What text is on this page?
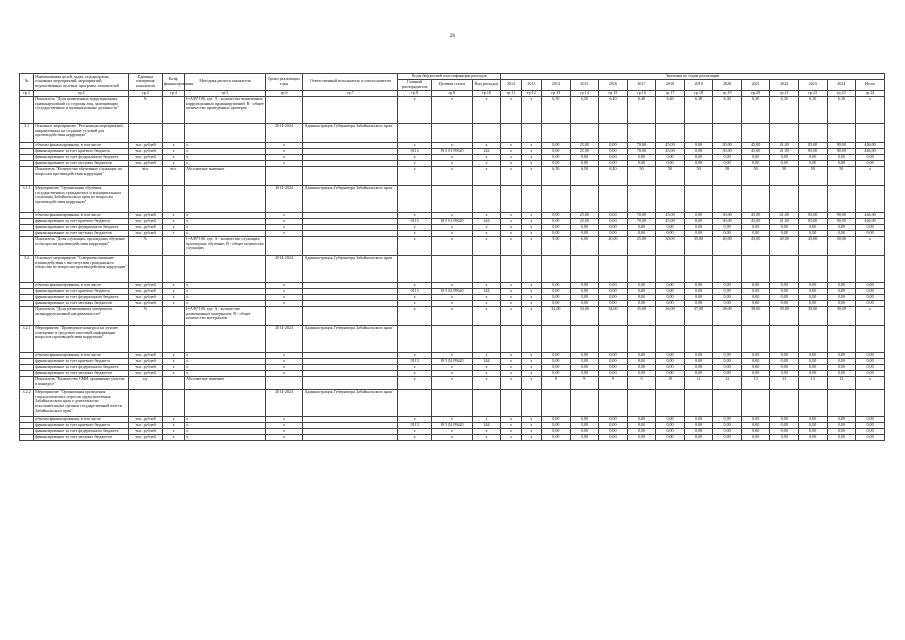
26
№	Наименования целей, задач, подпрограмм, основных мероприятий, мероприятий, ведомственных целевых программ, показателей	Единица измерения показателя	Коэф. финансирования	Методика расчета показателя	Сроки реализации, годы	Ответственный исполнитель и соисполнители	Коды бюджетной классификации расходов			Значения по годам реализации													
							Главный распорядитель	Целевая статья	Вид расходов	2012	2013	2014	2015	2016	2017	2018	2019	2020	2021	2022	2023	2024	Итого
гр.1	гр.2	гр.3	гр.4	гр.5	гр.6	гр.7	гр.8	гр.9	гр.10	гр.11	гр.12	гр.13	гр.14	гр.15	гр.16	гр.17	гр.18	гр.19	гр.20	гр.21	гр.22	гр.23	гр.24
	Показатель "Доля выявленных коррупционных правонарушений со стороны лиц, замещающих государственные и муниципальные должности"	%		I=A/B*100, где: А - количество выявленных коррупционных правонарушений; В - общее количество проведенных проверок			x	x	x	x	x	6,50	6,50	6,40	6,40	6,40	6,30	6,30	6,30	6,30	6,30	6,30	x
3.1	Основное мероприятие "Реализация мероприятий, направленных на создание условий для противодействия коррупции"				2014-2024	Администрация Губернатора Забайкальского края																	
	объемы финансирования, в том числе	тыс. рублей	х	х	х		х	х	х	х	х	0,00	25,00	0,00	70,00	45,00	0,00	30,00	45,00	41,00	85,00	90,00	446,00
	финансирование за счет краевого бюджета	тыс. рублей	х	х	х		0113	19 5 01 09620	244	х	х	0,00	25,00	0,00	70,00	45,00	0,00	30,00	45,00	41,00	85,00	90,00	446,00
	финансирование за счет федерального бюджета	тыс. рублей	х	х	х		х	х	х	х	х	0,00	0,00	0,00	0,00	0,00	0,00	0,00	0,00	0,00	0,00	0,00	0,00
	финансирование за счет местных бюджетов	тыс. рублей	х	х	х		х	х	х	х	х	0,00	0,00	0,00	0,00	0,00	0,00	0,00	0,00	0,00	0,00	0,00	0,00
	Показатель "Количество обученных служащих по вопросам противодействия коррупции"	чел.	чел.	Абсолютное значение			х	х	х	х	х	6,50	6,50	6,40	50	50	50	50	50	50	50	50	х
3.1.1	Мероприятие "Организация обучения государственных гражданских и муниципальных служащих Забайкальского края по вопросам противодействия коррупции"				2014-2024	Администрация Губернатора Забайкальского края																	
	объемы финансирования, в том числе	тыс. рублей	х	х	х		х	х	х	х	х	0,00	25,00	0,00	70,00	45,00	0,00	30,00	45,00	41,00	85,00	90,00	446,00
	финансирование за счет краевого бюджета	тыс. рублей	х	х	х		0113	19 5 01 09620	244	х	х	0,00	25,00	0,00	70,00	45,00	0,00	30,00	45,00	41,00	85,00	90,00	446,00
	финансирование за счет федерального бюджета	тыс. рублей	х	х	х		х	х	х	х	х	0,00	0,00	0,00	0,00	0,00	0,00	0,00	0,00	0,00	0,00	0,00	0,00
	финансирование за счет местных бюджетов	тыс. рублей	х	х	х		х	х	х	х	х	0,00	0,00	0,00	0,00	0,00	0,00	0,00	0,00	0,00	0,00	0,00	0,00
	Показатель "Доля служащих, прошедших обучение по вопросам противодействия коррупции"	%		I=A/B*100, где: А - количество служащих, прошедших обучение; В - общее количество служащих			х	х	х	х	х	5,00	6,00	20,00	25,00	30,00	35,00	40,00	45,00	40,00	45,00	50,00	х
3.2	Основное мероприятие "Совершенствование взаимодействия с институтами гражданского общества по вопросам противодействия коррупции"				2014-2024	Администрация Губернатора Забайкальского края																	
	объемы финансирования, в том числе	тыс. рублей	х	х	х		х	х	х	х	х	0,00	0,00	0,00	0,00	0,00	0,00	0,00	0,00	0,00	0,00	0,00	0,00
	финансирование за счет краевого бюджета	тыс. рублей	х	х	х		0113	19 5 02 09620	244	х	х	0,00	0,00	0,00	0,00	0,00	0,00	0,00	0,00	0,00	0,00	0,00	0,00
	финансирование за счет федерального бюджета	тыс. рублей	х	х	х		х	х	х	х	х	0,00	0,00	0,00	0,00	0,00	0,00	0,00	0,00	0,00	0,00	0,00	0,00
	финансирование за счет местных бюджетов	тыс. рублей	х	х	х		х	х	х	х	х	0,00	0,00	0,00	0,00	0,00	0,00	0,00	0,00	0,00	0,00	0,00	0,00
	Показатель "Доля размещенных материалов антикоррупционной направленности"	%		I=A/B*100, где: А - количество размещенных материалов; В - общее количество материалов			х	х	х	х	х	32,00	33,00	34,00	35,00	36,00	37,00	38,00	39,00	39,00	39,00	39,00	х
3.2.1	Мероприятие "Проведение конкурса на лучшее освещение в средствах массовой информации вопросов противодействия коррупции"				2014-2024	Администрация Губернатора Забайкальского края																	
	объемы финансирования, в том числе	тыс. рублей	х	х	х		х	х	х	х	х	0,00	0,00	0,00	0,00	0,00	0,00	0,00	0,00	0,00	0,00	0,00	0,00
	финансирование за счет краевого бюджета	тыс. рублей	х	х	х		0113	19 5 02 09620	244	х	х	0,00	0,00	0,00	0,00	0,00	0,00	0,00	0,00	0,00	0,00	0,00	0,00
	финансирование за счет федерального бюджета	тыс. рублей	х	х	х		х	х	х	х	х	0,00	0,00	0,00	0,00	0,00	0,00	0,00	0,00	0,00	0,00	0,00	0,00
	финансирование за счет местных бюджетов	тыс. рублей	х	х	х		х	х	х	х	х	0,00	0,00	0,00	0,00	0,00	0,00	0,00	0,00	0,00	0,00	0,00	0,00
	Показатель "Количество СМИ, принявших участие в конкурсе"	ед.		Абсолютное значение			х	х	х	х	х	9	9	9	9	10	11	12	13	13	13	13	х
3.2.2	Мероприятие "Организация проведения социологических опросов среди населения Забайкальского края о деятельности исполнительных органов государственной власти Забайкальского края"				2014-2024	Администрация Губернатора Забайкальского края																	
	объемы финансирования, в том числе	тыс. рублей	х	х	х		х	х	х	х	х	0,00	0,00	0,00	0,00	0,00	0,00	0,00	0,00	0,00	0,00	0,00	0,00
	финансирование за счет краевого бюджета	тыс. рублей	х	х	х		0113	19 5 02 09620	244	х	х	0,00	0,00	0,00	0,00	0,00	0,00	0,00	0,00	0,00	0,00	0,00	0,00
	финансирование за счет федерального бюджета	тыс. рублей	х	х	х		х	х	х	х	х	0,00	0,00	0,00	0,00	0,00	0,00	0,00	0,00	0,00	0,00	0,00	0,00
	финансирование за счет местных бюджетов	тыс. рублей	х	х	х		х	х	х	х	х	0,00	0,00	0,00	0,00	0,00	0,00	0,00	0,00	0,00	0,00	0,00	0,00
